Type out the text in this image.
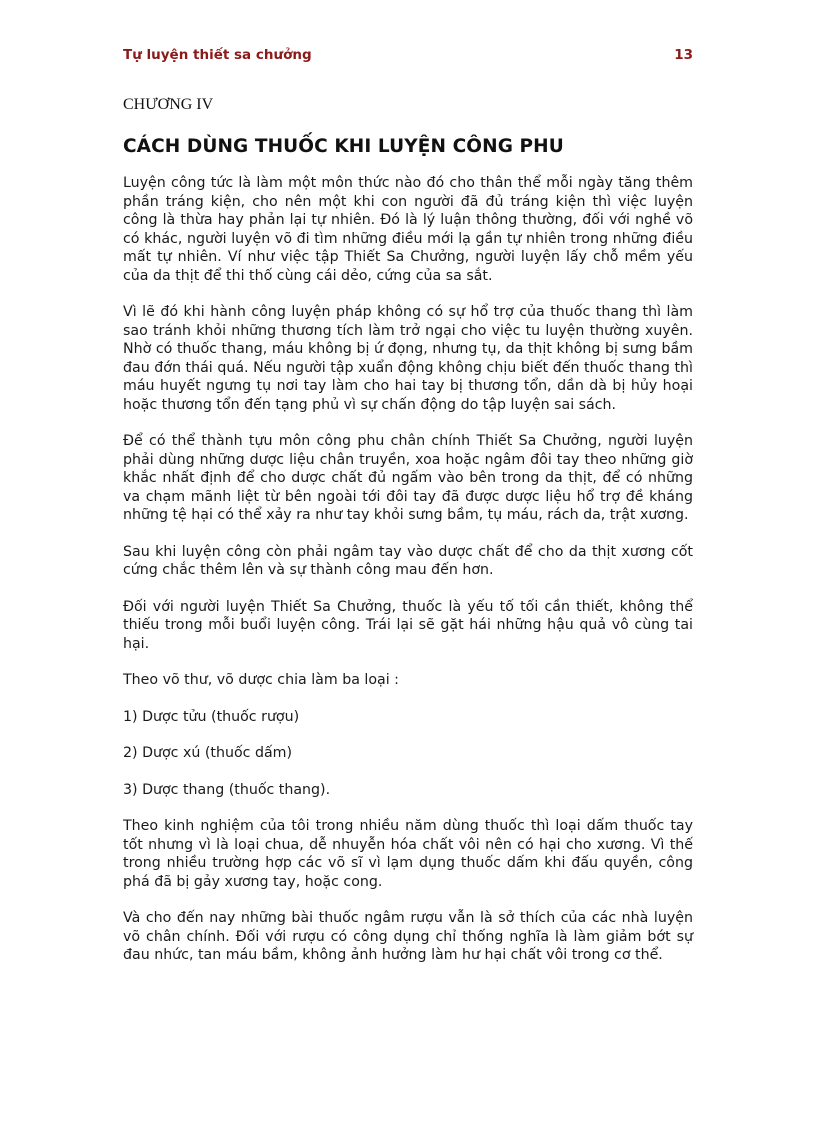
Tự luyện thiết sa chưởng	13
CHƯƠNG IV
CÁCH DÙNG THUỐC KHI LUYỆN CÔNG PHU

Luyện công tức là làm một môn thức nào đó cho thân thể mỗi ngày tăng thêm phần tráng kiện, cho nên một khi con người đã đủ tráng kiện thì việc luyện công là thừa hay phản lại tự nhiên. Đó là lý luận thông thường, đối với nghề võ có khác, người luyện võ đi tìm những điều mới lạ gần tự nhiên trong những điều mất tự nhiên. Ví như việc tập Thiết Sa Chưởng, người luyện lấy chỗ mềm yếu của da thịt để thi thố cùng cái dẻo, cứng của sa sắt.

Vì lẽ đó khi hành công luyện pháp không có sự hổ trợ của thuốc thang thì làm sao tránh khỏi những thương tích làm trở ngại cho việc tu luyện thường xuyên. Nhờ có thuốc thang, máu không bị ứ đọng, nhưng tụ, da thịt không bị sưng bầm đau đớn thái quá. Nếu người tập xuẩn động không chịu biết đến thuốc thang thì máu huyết ngưng tụ nơi tay làm cho hai tay bị thương tổn, dần dà bị hủy hoại hoặc thương tổn đến tạng phủ vì sự chấn động do tập luyện sai sách.

Để có thể thành tựu môn công phu chân chính Thiết Sa Chưởng, người luyện phải dùng những dược liệu chân truyền, xoa hoặc ngâm đôi tay theo những giờ khắc nhất định để cho dược chất đủ ngấm vào bên trong da thịt, để có những va chạm mãnh liệt từ bên ngoài tới đôi tay đã được dược liệu hổ trợ đề kháng những tệ hại có thể xảy ra như tay khỏi sưng bầm, tụ máu, rách da, trật xương.

Sau khi luyện công còn phải ngâm tay vào dược chất để cho da thịt xương cốt cứng chắc thêm lên và sự thành công mau đến hơn.

Đối với người luyện Thiết Sa Chưởng, thuốc là yếu tố tối cần thiết, không thể thiếu trong mỗi buổi luyện công. Trái lại sẽ gặt hái những hậu quả vô cùng tai hại.

Theo võ thư, võ dược chia làm ba loại :

1) Dược tửu (thuốc rượu)

2) Dược xú (thuốc dấm)

3) Dược thang (thuốc thang).

Theo kinh nghiệm của tôi trong nhiều năm dùng thuốc thì loại dấm thuốc tay tốt nhưng vì là loại chua, dễ nhuyễn hóa chất vôi nên có hại cho xương. Vì thế trong nhiều trường hợp các võ sĩ vì lạm dụng thuốc dấm khi đấu quyền, công phá đã bị gảy xương tay, hoặc cong.

Và cho đến nay những bài thuốc ngâm rượu vẫn là sở thích của các nhà luyện võ chân chính. Đối với rượu có công dụng chỉ thống nghĩa là làm giảm bớt sự đau nhức, tan máu bầm, không ảnh hưởng làm hư hại chất vôi trong cơ thể.
